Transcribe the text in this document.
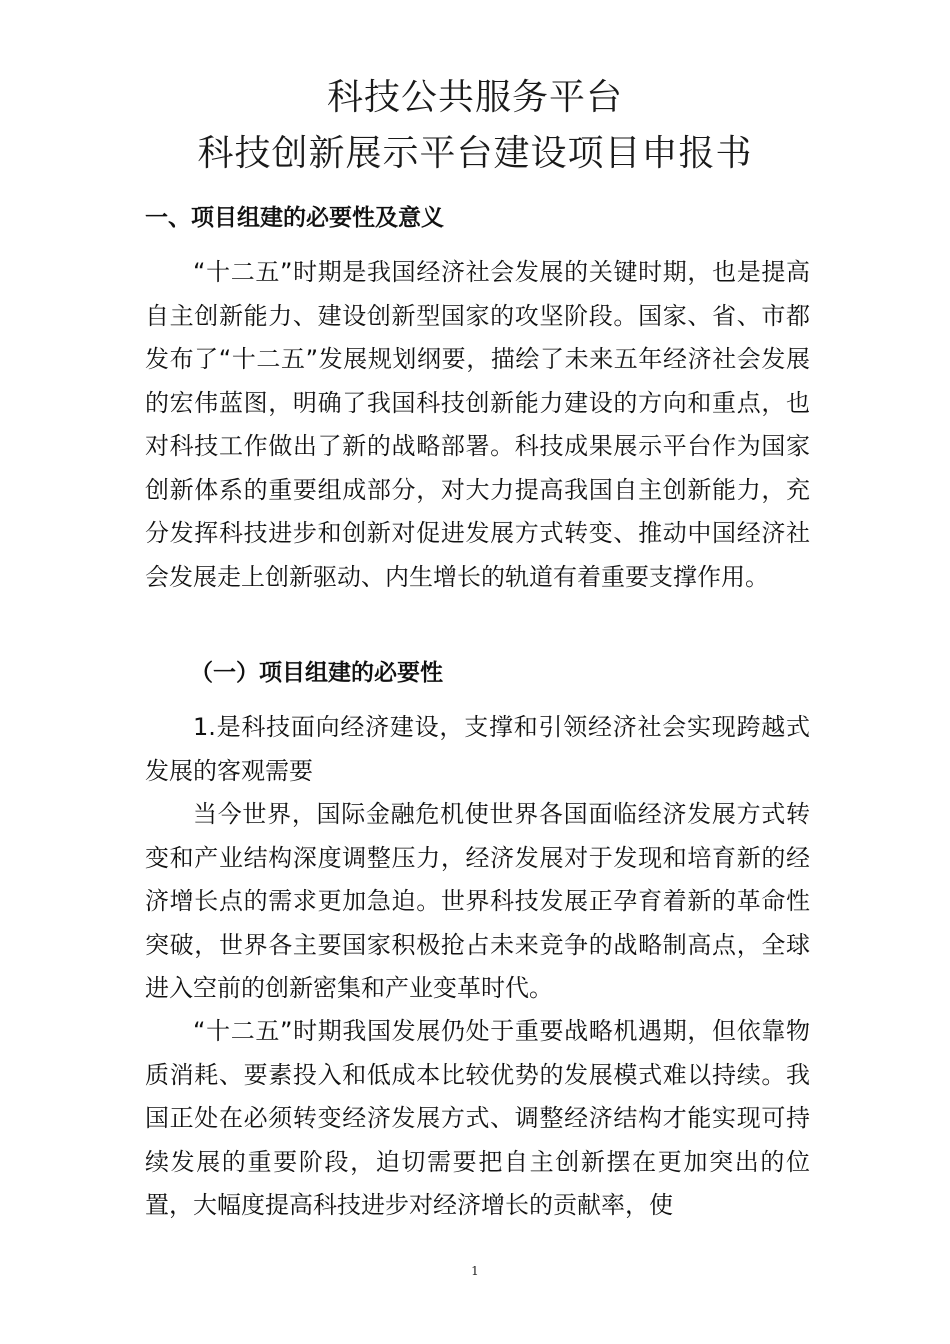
科技公共服务平台
科技创新展示平台建设项目申报书
一、项目组建的必要性及意义

“十二五”时期是我国经济社会发展的关键时期，也是提高自主创新能力、建设创新型国家的攻坚阶段。国家、省、市都发布了“十二五”发展规划纲要，描绘了未来五年经济社会发展的宏伟蓝图，明确了我国科技创新能力建设的方向和重点，也对科技工作做出了新的战略部署。科技成果展示平台作为国家创新体系的重要组成部分，对大力提高我国自主创新能力，充分发挥科技进步和创新对促进发展方式转变、推动中国经济社会发展走上创新驱动、内生增长的轨道有着重要支撑作用。

（一）项目组建的必要性

1.是科技面向经济建设，支撑和引领经济社会实现跨越式发展的客观需要

当今世界，国际金融危机使世界各国面临经济发展方式转变和产业结构深度调整压力，经济发展对于发现和培育新的经济增长点的需求更加急迫。世界科技发展正孕育着新的革命性突破，世界各主要国家积极抢占未来竞争的战略制高点，全球进入空前的创新密集和产业变革时代。

“十二五”时期我国发展仍处于重要战略机遇期，但依靠物质消耗、要素投入和低成本比较优势的发展模式难以持续。我国正处在必须转变经济发展方式、调整经济结构才能实现可持续发展的重要阶段，迫切需要把自主创新摆在更加突出的位置，大幅度提高科技进步对经济增长的贡献率，使

1
